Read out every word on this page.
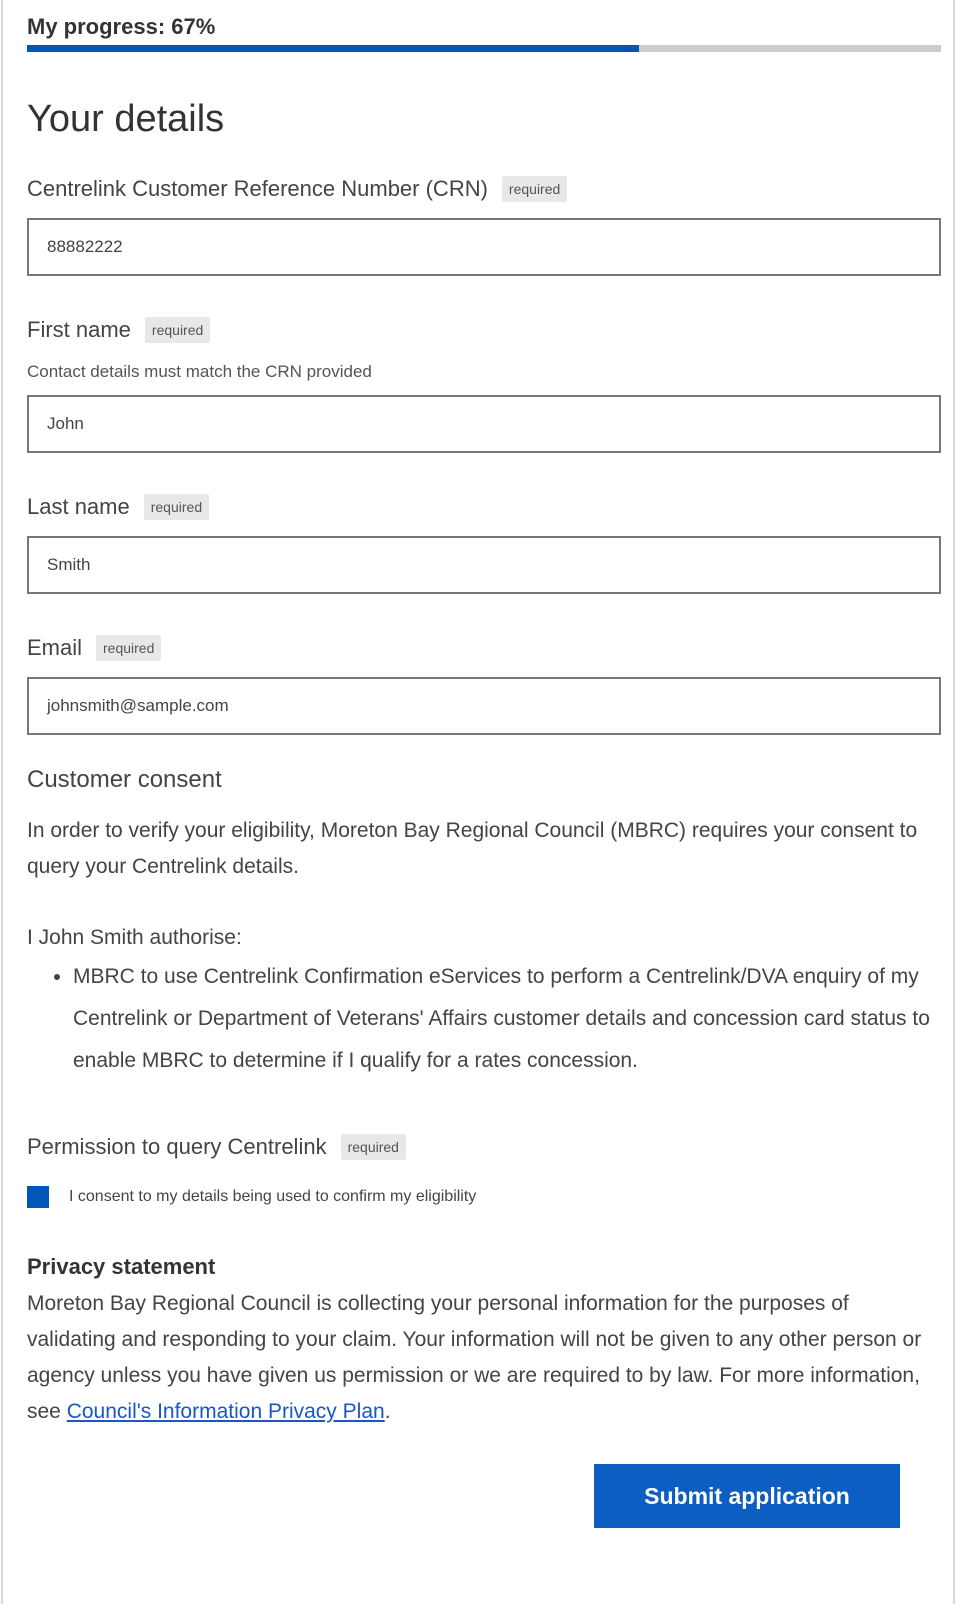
My progress: 67%
Your details
Centrelink Customer Reference Number (CRN)	required
88882222
First name	required
Contact details must match the CRN provided
John
Last name	required
Smith
Email	required
johnsmith@sample.com
Customer consent

In order to verify your eligibility, Moreton Bay Regional Council (MBRC) requires your consent to query your Centrelink details.

I John Smith authorise:

• MBRC to use Centrelink Confirmation eServices to perform a Centrelink/DVA enquiry of my Centrelink or Department of Veterans' Affairs customer details and concession card status to enable MBRC to determine if I qualify for a rates concession.
Permission to query Centrelink	required
I consent to my details being used to confirm my eligibility
Privacy statement

Moreton Bay Regional Council is collecting your personal information for the purposes of validating and responding to your claim. Your information will not be given to any other person or agency unless you have given us permission or we are required to by law. For more information, see Council's Information Privacy Plan.

Submit application
